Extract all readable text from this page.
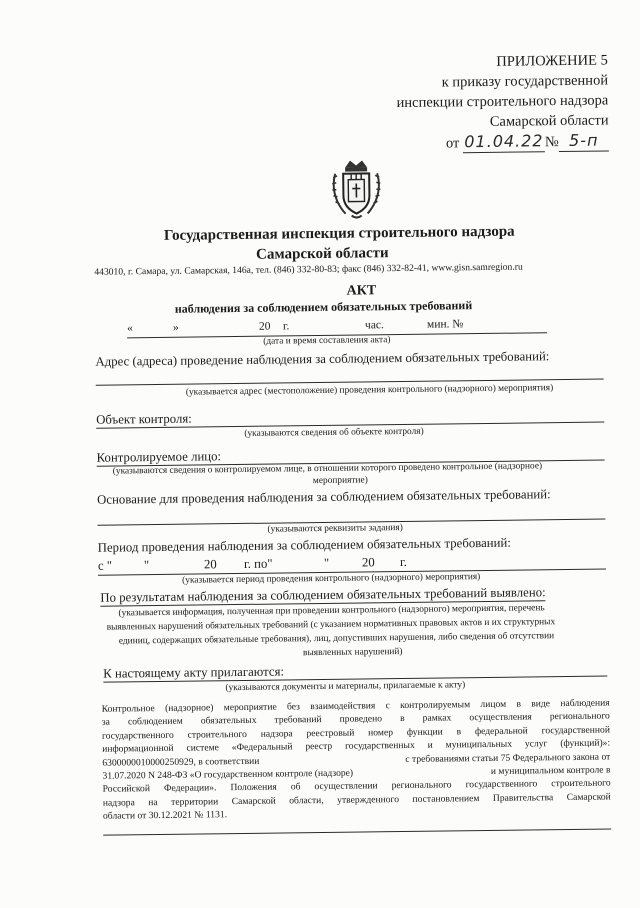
ПРИЛОЖЕНИЕ 5
к приказу государственной
инспекции строительного надзора
Самарской области
от 01.04.22№ 5-п
Государственная инспекция строительного надзора
Самарской области
443010, г. Самара, ул. Самарская, 146а, тел. (846) 332-80-83; факс (846) 332-82-41, www.gisn.samregion.ru
АКТ
наблюдения за соблюдением обязательных требований
«	»	20 г.	час.	мин. №
(дата и время составления акта)
Адрес (адреса) проведение наблюдения за соблюдением обязательных требований:
(указывается адрес (местоположение) проведения контрольного (надзорного) мероприятия)
Объект контроля:
(указываются сведения об объекте контроля)
Контролируемое лицо:
(указываются сведения о контролируемом лице, в отношении которого проведено контрольное (надзорное)
мероприятие)
Основание для проведения наблюдения за соблюдением обязательных требований:
(указываются реквизиты задания)
Период проведения наблюдения за соблюдением обязательных требований:
с " "	20 г. по"	"	20 г.
(указывается период проведения контрольного (надзорного) мероприятия)
По результатам наблюдения за соблюдением обязательных требований выявлено:
(указывается информация, полученная при проведении контрольного (надзорного) мероприятия, перечень
выявленных нарушений обязательных требований (с указанием нормативных правовых актов и их структурных
единиц, содержащих обязательные требования), лиц, допустивших нарушения, либо сведения об отсутствии
выявленных нарушений)
К настоящему акту прилагаются:
(указываются документы и материалы, прилагаемые к акту)
Контрольное (надзорное) мероприятие без взаимодействия с контролируемым лицом в виде наблюдения
за соблюдением обязательных требований проведено в рамках осуществления регионального
государственного строительного надзора реестровый номер функции в федеральной государственной
информационной системе «Федеральный реестр государственных и муниципальных услуг (функций)»:
6300000010000250929, в соответствии	с требованиями статьи 75 Федерального закона от
31.07.2020 N 248-ФЗ «О государственном контроле (надзоре)	и муниципальном контроле в
Российской Федерации». Положения об осуществлении регионального государственного строительного
надзора на территории Самарской области, утвержденного постановлением Правительства Самарской
области от 30.12.2021 № 1131.
